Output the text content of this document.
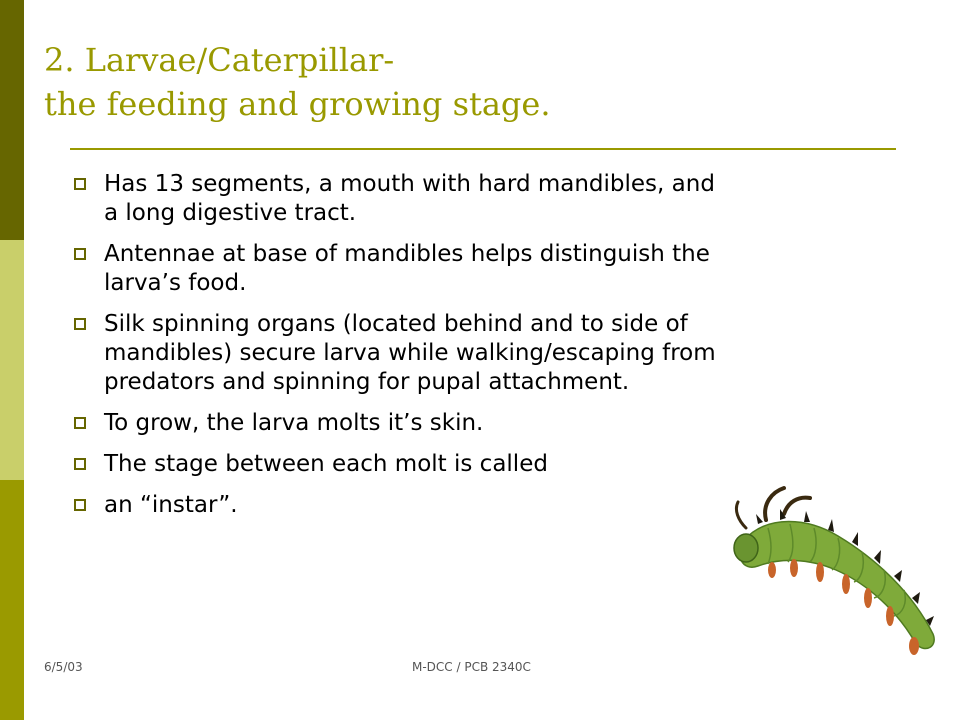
2. Larvae/Caterpillar-
the feeding and growing stage.
Has 13 segments, a mouth with hard mandibles, and a long digestive tract.
Antennae at base of mandibles helps distinguish the larva’s food.
Silk spinning organs (located behind and to side of mandibles) secure larva while walking/escaping from predators and spinning for pupal attachment.
To grow, the larva molts it’s skin.
The stage between each molt is called
an “instar”.
6/5/03	M-DCC / PCB 2340C
